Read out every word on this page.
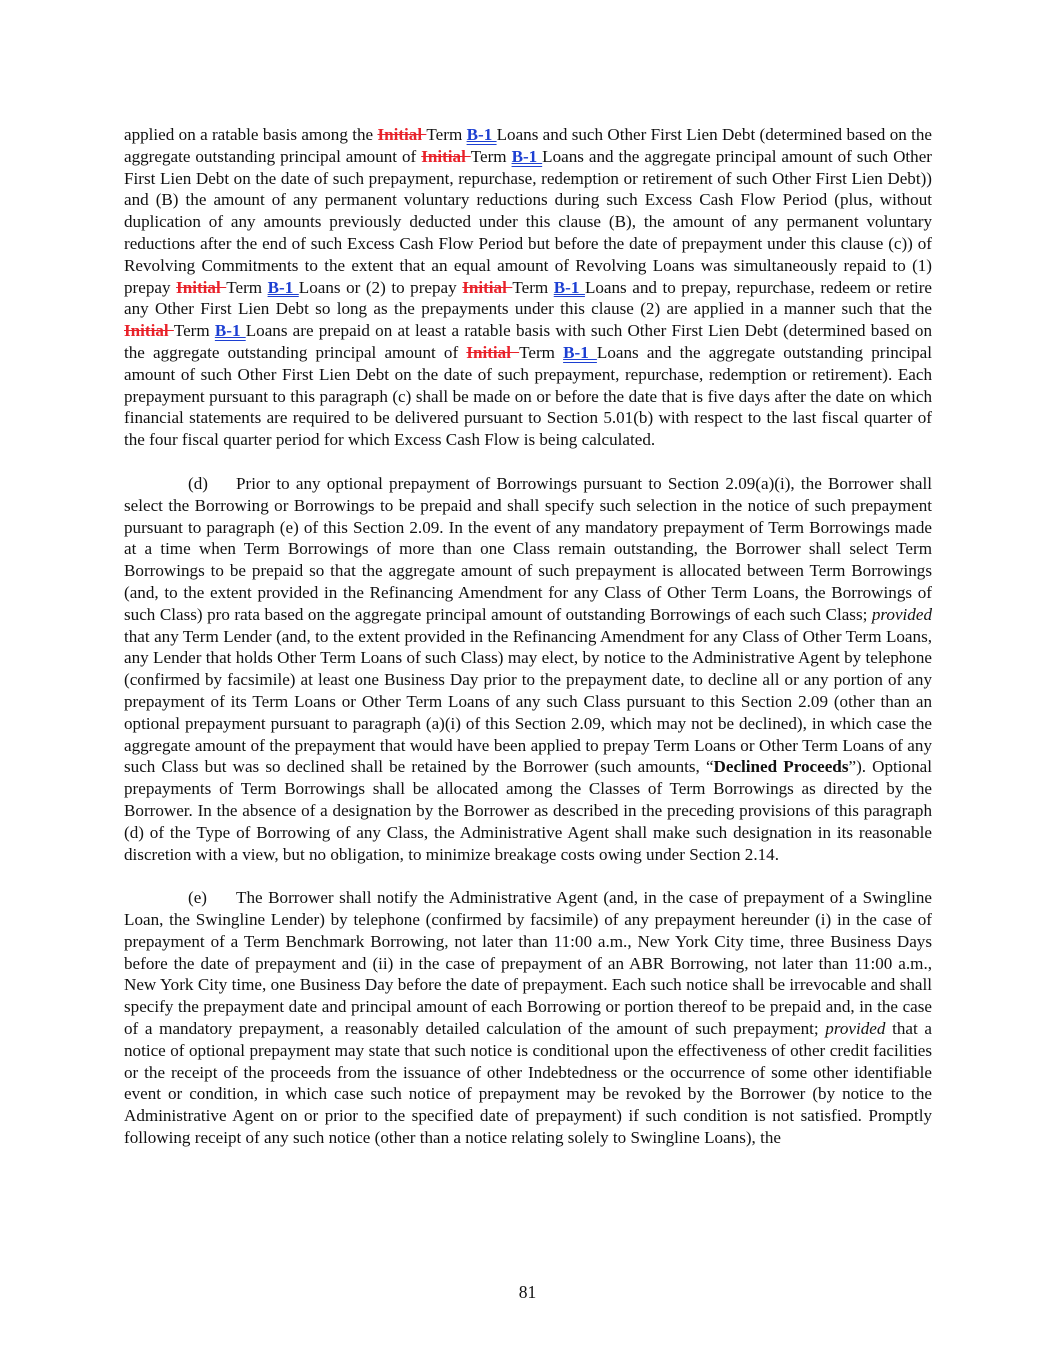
applied on a ratable basis among the Initial Term B-1 Loans and such Other First Lien Debt (determined based on the aggregate outstanding principal amount of Initial Term B-1 Loans and the aggregate principal amount of such Other First Lien Debt on the date of such prepayment, repurchase, redemption or retirement of such Other First Lien Debt)) and (B) the amount of any permanent voluntary reductions during such Excess Cash Flow Period (plus, without duplication of any amounts previously deducted under this clause (B), the amount of any permanent voluntary reductions after the end of such Excess Cash Flow Period but before the date of prepayment under this clause (c)) of Revolving Commitments to the extent that an equal amount of Revolving Loans was simultaneously repaid to (1) prepay Initial Term B-1 Loans or (2) to prepay Initial Term B-1 Loans and to prepay, repurchase, redeem or retire any Other First Lien Debt so long as the prepayments under this clause (2) are applied in a manner such that the Initial Term B-1 Loans are prepaid on at least a ratable basis with such Other First Lien Debt (determined based on the aggregate outstanding principal amount of Initial Term B-1 Loans and the aggregate outstanding principal amount of such Other First Lien Debt on the date of such prepayment, repurchase, redemption or retirement). Each prepayment pursuant to this paragraph (c) shall be made on or before the date that is five days after the date on which financial statements are required to be delivered pursuant to Section 5.01(b) with respect to the last fiscal quarter of the four fiscal quarter period for which Excess Cash Flow is being calculated.

(d) Prior to any optional prepayment of Borrowings pursuant to Section 2.09(a)(i), the Borrower shall select the Borrowing or Borrowings to be prepaid and shall specify such selection in the notice of such prepayment pursuant to paragraph (e) of this Section 2.09. In the event of any mandatory prepayment of Term Borrowings made at a time when Term Borrowings of more than one Class remain outstanding, the Borrower shall select Term Borrowings to be prepaid so that the aggregate amount of such prepayment is allocated between Term Borrowings (and, to the extent provided in the Refinancing Amendment for any Class of Other Term Loans, the Borrowings of such Class) pro rata based on the aggregate principal amount of outstanding Borrowings of each such Class; provided that any Term Lender (and, to the extent provided in the Refinancing Amendment for any Class of Other Term Loans, any Lender that holds Other Term Loans of such Class) may elect, by notice to the Administrative Agent by telephone (confirmed by facsimile) at least one Business Day prior to the prepayment date, to decline all or any portion of any prepayment of its Term Loans or Other Term Loans of any such Class pursuant to this Section 2.09 (other than an optional prepayment pursuant to paragraph (a)(i) of this Section 2.09, which may not be declined), in which case the aggregate amount of the prepayment that would have been applied to prepay Term Loans or Other Term Loans of any such Class but was so declined shall be retained by the Borrower (such amounts, “Declined Proceeds”). Optional prepayments of Term Borrowings shall be allocated among the Classes of Term Borrowings as directed by the Borrower. In the absence of a designation by the Borrower as described in the preceding provisions of this paragraph (d) of the Type of Borrowing of any Class, the Administrative Agent shall make such designation in its reasonable discretion with a view, but no obligation, to minimize breakage costs owing under Section 2.14.

(e) The Borrower shall notify the Administrative Agent (and, in the case of prepayment of a Swingline Loan, the Swingline Lender) by telephone (confirmed by facsimile) of any prepayment hereunder (i) in the case of prepayment of a Term Benchmark Borrowing, not later than 11:00 a.m., New York City time, three Business Days before the date of prepayment and (ii) in the case of prepayment of an ABR Borrowing, not later than 11:00 a.m., New York City time, one Business Day before the date of prepayment. Each such notice shall be irrevocable and shall specify the prepayment date and principal amount of each Borrowing or portion thereof to be prepaid and, in the case of a mandatory prepayment, a reasonably detailed calculation of the amount of such prepayment; provided that a notice of optional prepayment may state that such notice is conditional upon the effectiveness of other credit facilities or the receipt of the proceeds from the issuance of other Indebtedness or the occurrence of some other identifiable event or condition, in which case such notice of prepayment may be revoked by the Borrower (by notice to the Administrative Agent on or prior to the specified date of prepayment) if such condition is not satisfied. Promptly following receipt of any such notice (other than a notice relating solely to Swingline Loans), the

81
